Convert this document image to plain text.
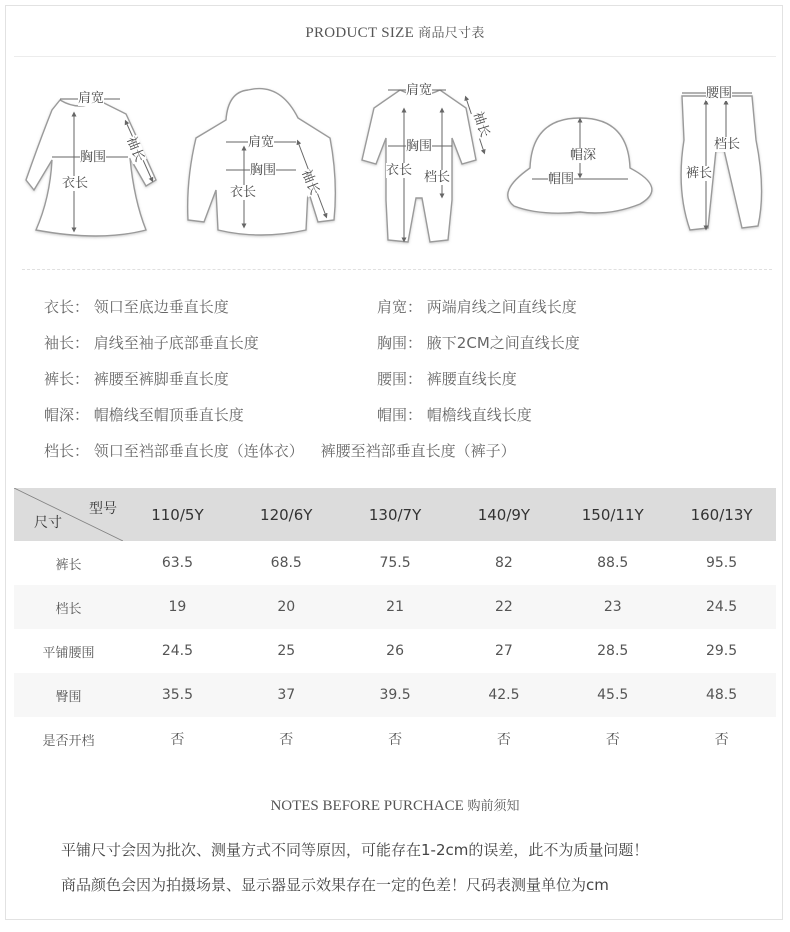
PRODUCT SIZE 商品尺寸表
肩宽
胸围
衣长
袖长	肩宽
胸围
衣长	袖长
肩宽
胸围
衣长 档长
袖长
帽深
帽围
腰围
档长
裤长
衣长： 领口至底边垂直长度	肩宽： 两端肩线之间直线长度
袖长： 肩线至袖子底部垂直长度	胸围： 腋下2CM之间直线长度
裤长： 裤腰至裤脚垂直长度	腰围： 裤腰直线长度
帽深： 帽檐线至帽顶垂直长度	帽围： 帽檐线直线长度
档长： 领口至裆部垂直长度（连体衣） 裤腰至裆部垂直长度（裤子）
型号
尺寸	110/5Y	120/6Y	130/7Y	140/9Y	150/11Y	160/13Y
裤长	63.5	68.5	75.5	82	88.5	95.5
档长	19	20	21	22	23	24.5
平铺腰围	24.5	25	26	27	28.5	29.5
臀围	35.5	37	39.5	42.5	45.5	48.5
是否开档	否	否	否	否	否	否
NOTES BEFORE PURCHACE 购前须知
平铺尺寸会因为批次、测量方式不同等原因，可能存在1-2cm的误差，此不为质量问题！
商品颜色会因为拍摄场景、显示器显示效果存在一定的色差！尺码表测量单位为cm
